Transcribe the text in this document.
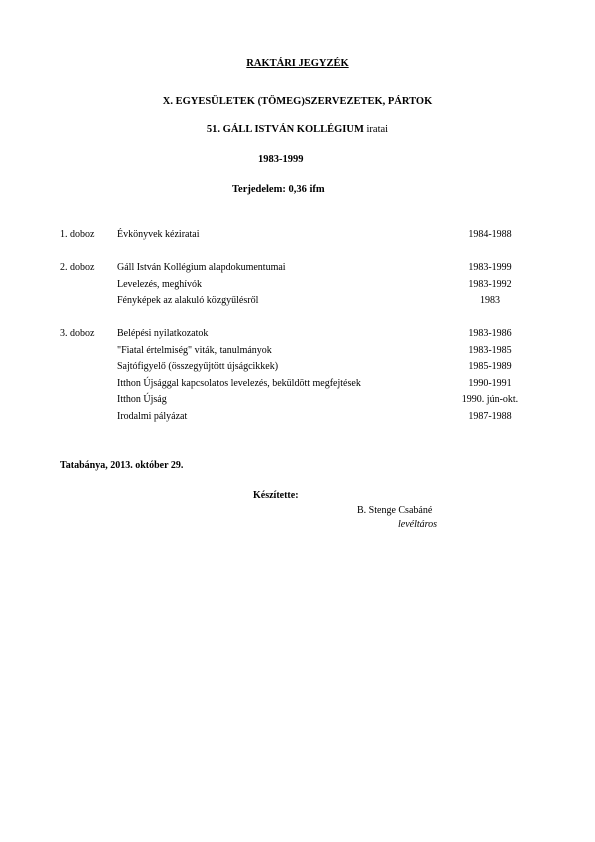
RAKTÁRI JEGYZÉK
X. EGYESÜLETEK (TÖMEG)SZERVEZETEK, PÁRTOK
51. GÁLL ISTVÁN KOLLÉGIUM iratai
1983-1999
Terjedelem: 0,36 ifm
1. doboz Évkönyvek kéziratai	1984-1988
2. doboz Gáll István Kollégium alapdokumentumai	1983-1999
Levelezés, meghívók	1983-1992
Fényképek az alakuló közgyűlésről	1983
3. doboz Belépési nyilatkozatok	1983-1986
"Fiatal értelmiség" viták, tanulmányok	1983-1985
Sajtófigyelő (összegyűjtött újságcikkek)	1985-1989
Itthon Újsággal kapcsolatos levelezés, beküldött megfejtések	1990-1991
Itthon Újság	1990. jún-okt.
Irodalmi pályázat	1987-1988
Tatabánya, 2013. október 29.
Készítette:
B. Stenge Csabáné
levéltáros
